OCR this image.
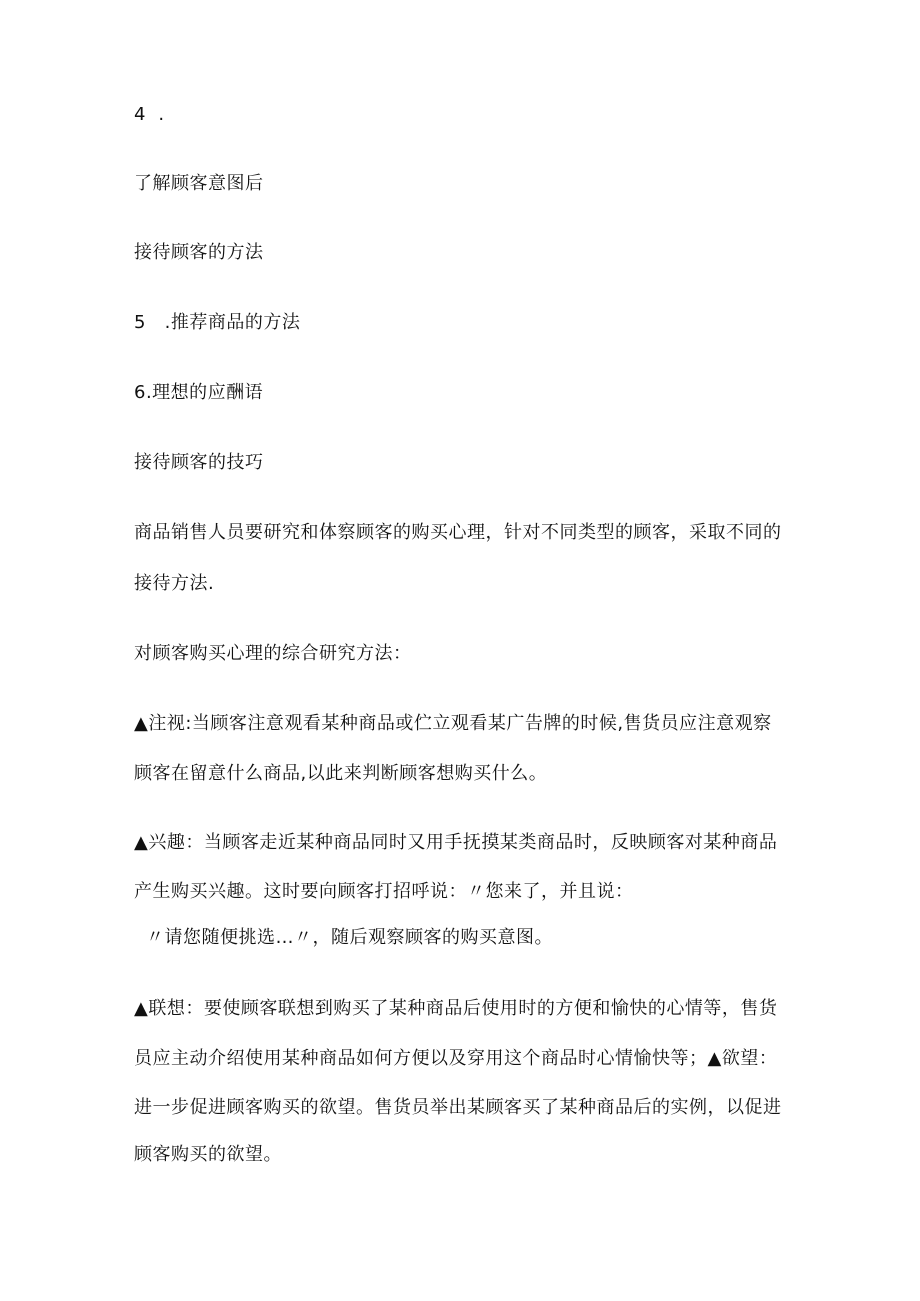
4  .
了解顾客意图后
接待顾客的方法
5   .推荐商品的方法
6.理想的应酬语
接待顾客的技巧
商品销售人员要研究和体察顾客的购买心理，针对不同类型的顾客，采取不同的
接待方法.
对顾客购买心理的综合研究方法：
▲注视:当顾客注意观看某种商品或伫立观看某广告牌的时候,售货员应注意观察
顾客在留意什么商品,以此来判断顾客想购买什么。
▲兴趣：当顾客走近某种商品同时又用手抚摸某类商品时，反映顾客对某种商品
产生购买兴趣。这时要向顾客打招呼说：〃您来了，并且说：
〃请您随便挑选…〃，随后观察顾客的购买意图。
▲联想：要使顾客联想到购买了某种商品后使用时的方便和愉快的心情等，售货
员应主动介绍使用某种商品如何方便以及穿用这个商品时心情愉快等；▲欲望：
进一步促进顾客购买的欲望。售货员举出某顾客买了某种商品后的实例，以促进
顾客购买的欲望。
